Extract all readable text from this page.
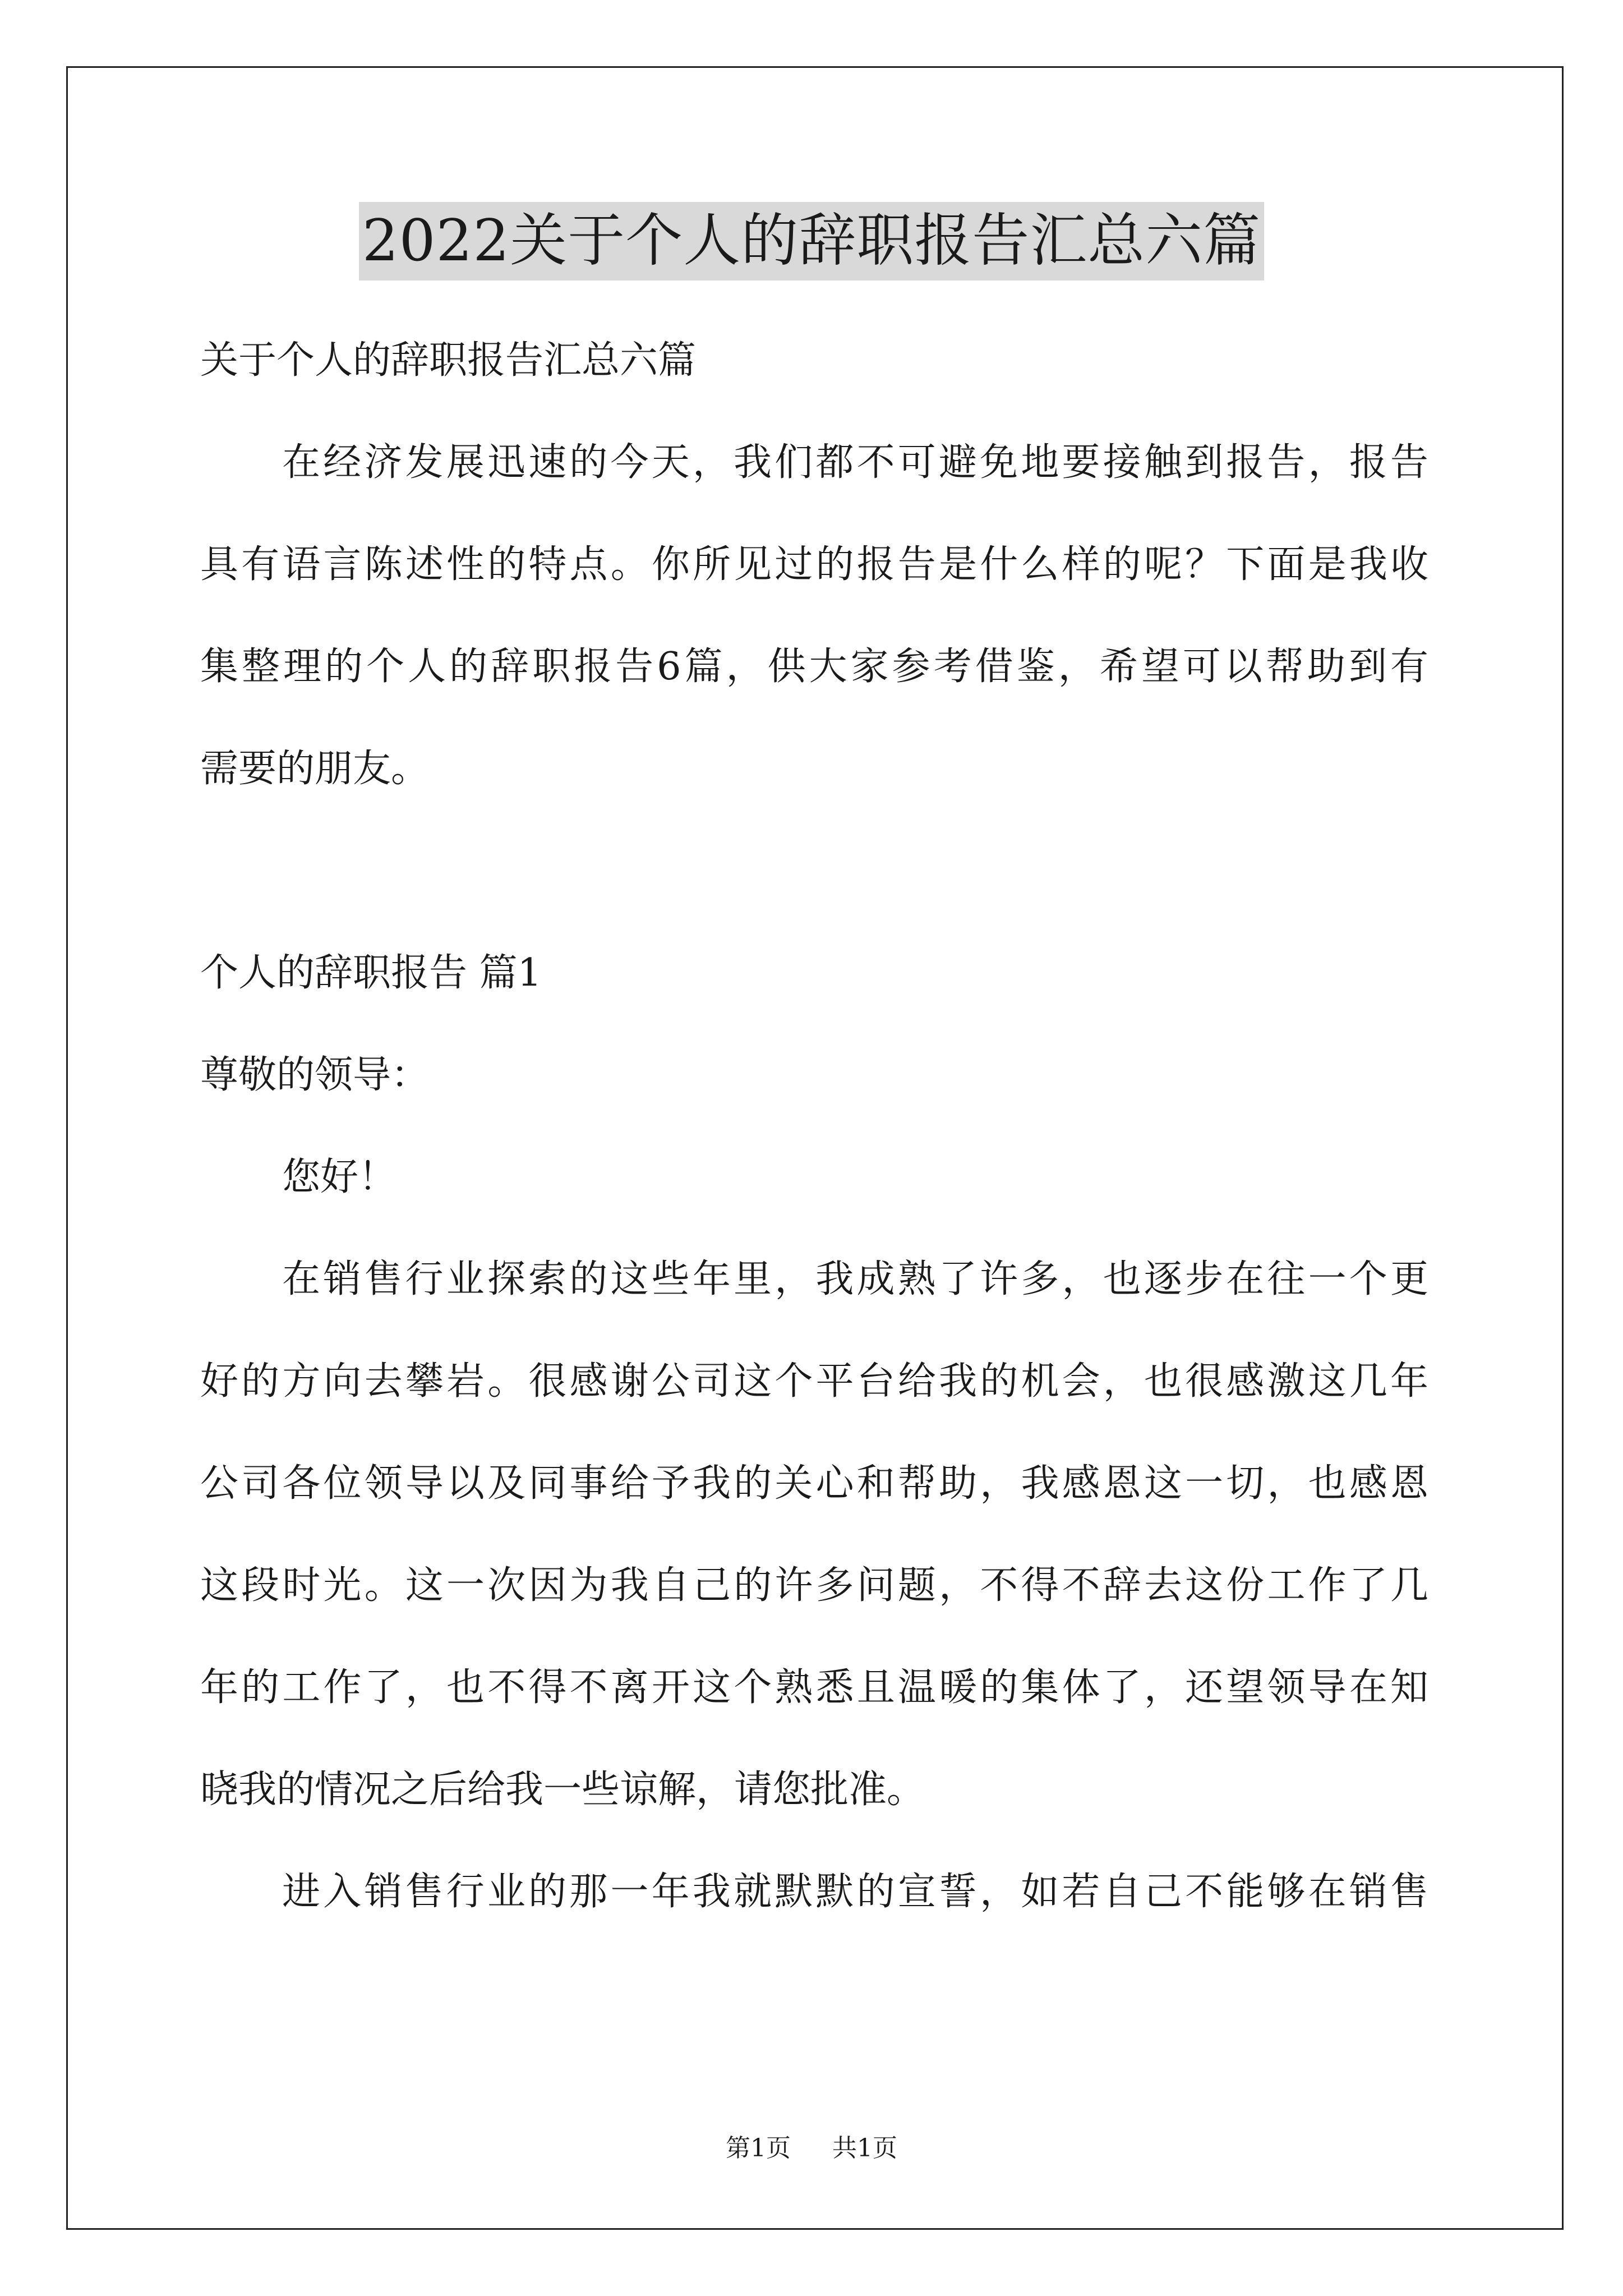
2022关于个人的辞职报告汇总六篇
关于个人的辞职报告汇总六篇
在经济发展迅速的今天，我们都不可避免地要接触到报告，报告
具有语言陈述性的特点。你所见过的报告是什么样的呢？下面是我收
集整理的个人的辞职报告6篇，供大家参考借鉴，希望可以帮助到有
需要的朋友。
个人的辞职报告 篇1
尊敬的领导：
您好！
在销售行业探索的这些年里，我成熟了许多，也逐步在往一个更
好的方向去攀岩。很感谢公司这个平台给我的机会，也很感激这几年
公司各位领导以及同事给予我的关心和帮助，我感恩这一切，也感恩
这段时光。这一次因为我自己的许多问题，不得不辞去这份工作了几
年的工作了，也不得不离开这个熟悉且温暖的集体了，还望领导在知
晓我的情况之后给我一些谅解，请您批准。
进入销售行业的那一年我就默默的宣誓，如若自己不能够在销售
第1页 共1页
